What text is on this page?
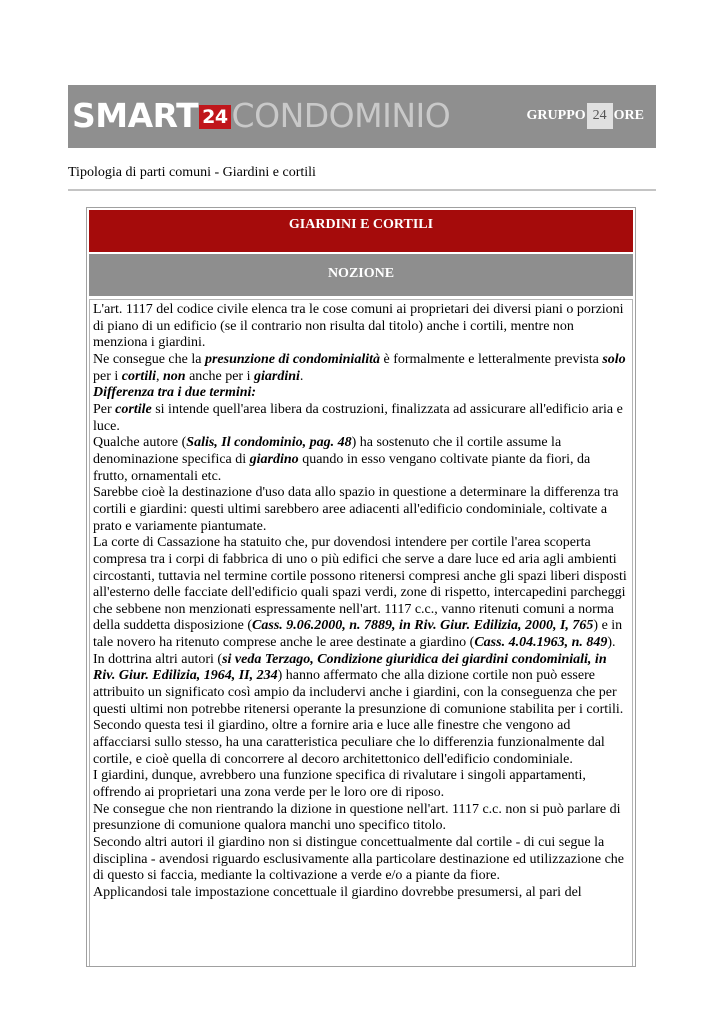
SMART 24 CONDOMINIO	GRUPPO 24 ORE
Tipologia di parti comuni - Giardini e cortili
GIARDINI E CORTILI
NOZIONE

L'art. 1117 del codice civile elenca tra le cose comuni ai proprietari dei diversi piani o porzioni di piano di un edificio (se il contrario non risulta dal titolo) anche i cortili, mentre non menziona i giardini.

Ne consegue che la presunzione di condominialità è formalmente e letteralmente prevista solo per i cortili, non anche per i giardini.

Differenza tra i due termini:

Per cortile si intende quell'area libera da costruzioni, finalizzata ad assicurare all'edificio aria e luce.

Qualche autore (Salis, Il condominio, pag. 48) ha sostenuto che il cortile assume la denominazione specifica di giardino quando in esso vengano coltivate piante da fiori, da frutto, ornamentali etc.

Sarebbe cioè la destinazione d'uso data allo spazio in questione a determinare la differenza tra cortili e giardini: questi ultimi sarebbero aree adiacenti all'edificio condominiale, coltivate a prato e variamente piantumate.

La corte di Cassazione ha statuito che, pur dovendosi intendere per cortile l'area scoperta compresa tra i corpi di fabbrica di uno o più edifici che serve a dare luce ed aria agli ambienti circostanti, tuttavia nel termine cortile possono ritenersi compresi anche gli spazi liberi disposti all'esterno delle facciate dell'edificio quali spazi verdi, zone di rispetto, intercapedini parcheggi che sebbene non menzionati espressamente nell'art. 1117 c.c., vanno ritenuti comuni a norma della suddetta disposizione (Cass. 9.06.2000, n. 7889, in Riv. Giur. Edilizia, 2000, I, 765) e in tale novero ha ritenuto comprese anche le aree destinate a giardino (Cass. 4.04.1963, n. 849).

In dottrina altri autori (si veda Terzago, Condizione giuridica dei giardini condominiali, in Riv. Giur. Edilizia, 1964, II, 234) hanno affermato che alla dizione cortile non può essere attribuito un significato così ampio da includervi anche i giardini, con la conseguenza che per questi ultimi non potrebbe ritenersi operante la presunzione di comunione stabilita per i cortili.

Secondo questa tesi il giardino, oltre a fornire aria e luce alle finestre che vengono ad affacciarsi sullo stesso, ha una caratteristica peculiare che lo differenzia funzionalmente dal cortile, e cioè quella di concorrere al decoro architettonico dell'edificio condominiale.

I giardini, dunque, avrebbero una funzione specifica di rivalutare i singoli appartamenti, offrendo ai proprietari una zona verde per le loro ore di riposo.

Ne consegue che non rientrando la dizione in questione nell'art. 1117 c.c. non si può parlare di presunzione di comunione qualora manchi uno specifico titolo.

Secondo altri autori il giardino non si distingue concettualmente dal cortile - di cui segue la disciplina - avendosi riguardo esclusivamente alla particolare destinazione ed utilizzazione che di questo si faccia, mediante la coltivazione a verde e/o a piante da fiore.

Applicandosi tale impostazione concettuale il giardino dovrebbe presumersi, al pari del
